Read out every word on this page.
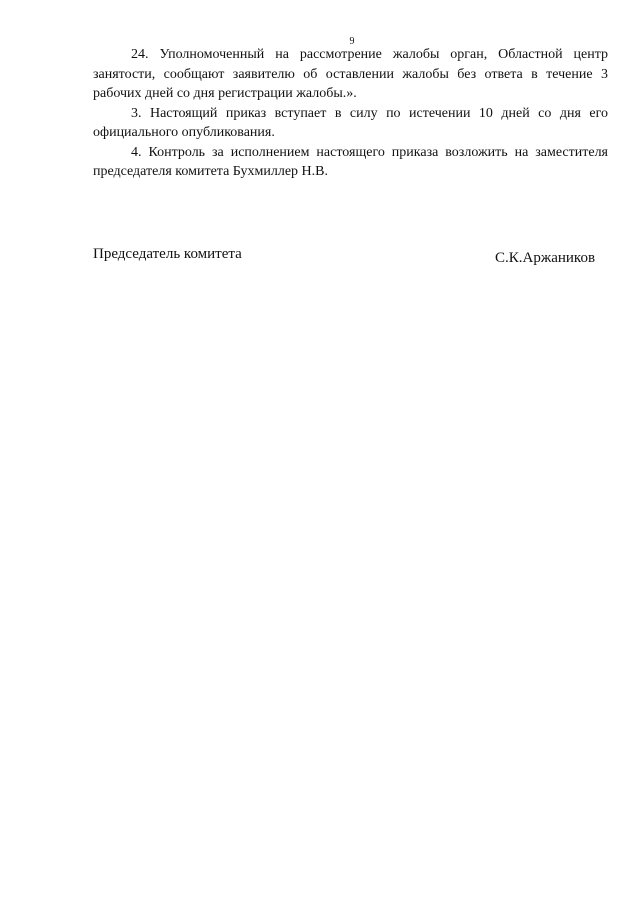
9

24. Уполномоченный на рассмотрение жалобы орган, Областной центр занятости, сообщают заявителю об оставлении жалобы без ответа в течение 3 рабочих дней со дня регистрации жалобы.».

3. Настоящий приказ вступает в силу по истечении 10 дней со дня его официального опубликования.

4. Контроль за исполнением настоящего приказа возложить на заместителя председателя комитета Бухмиллер Н.В.

Председатель комитета	С.К.Аржаников
